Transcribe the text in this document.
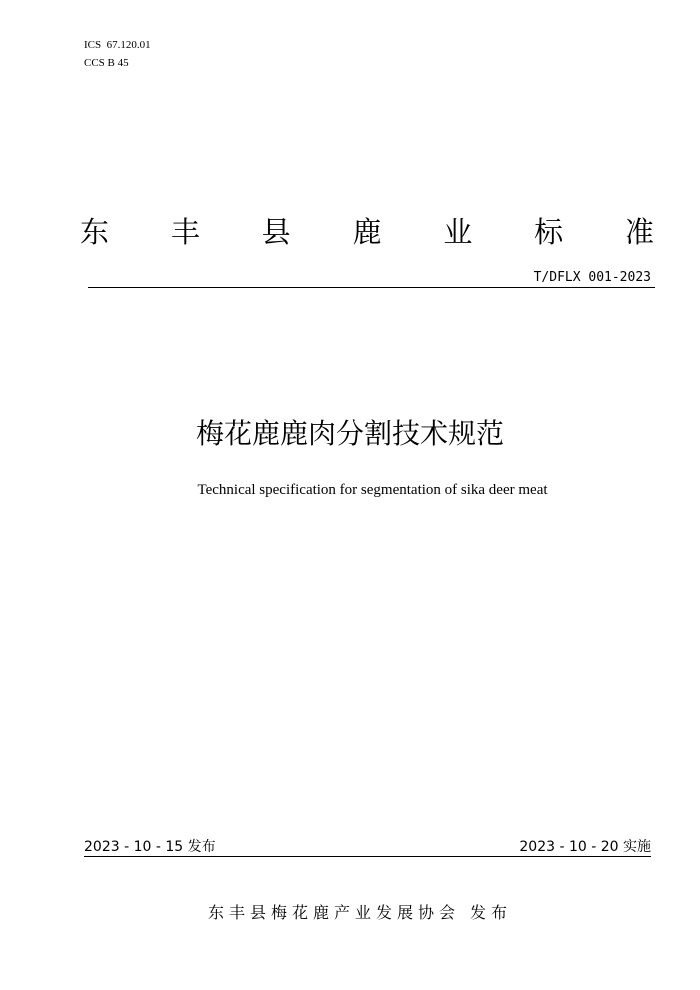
ICS  67.120.01
CCS B 45
东 丰 县 鹿 业 标 准
T/DFLX 001-2023
梅花鹿鹿肉分割技术规范
Technical specification for segmentation of sika deer meat
2023 - 10 - 15 发布	2023 - 10 - 20 实施
东丰县梅花鹿产业发展协会 发布
